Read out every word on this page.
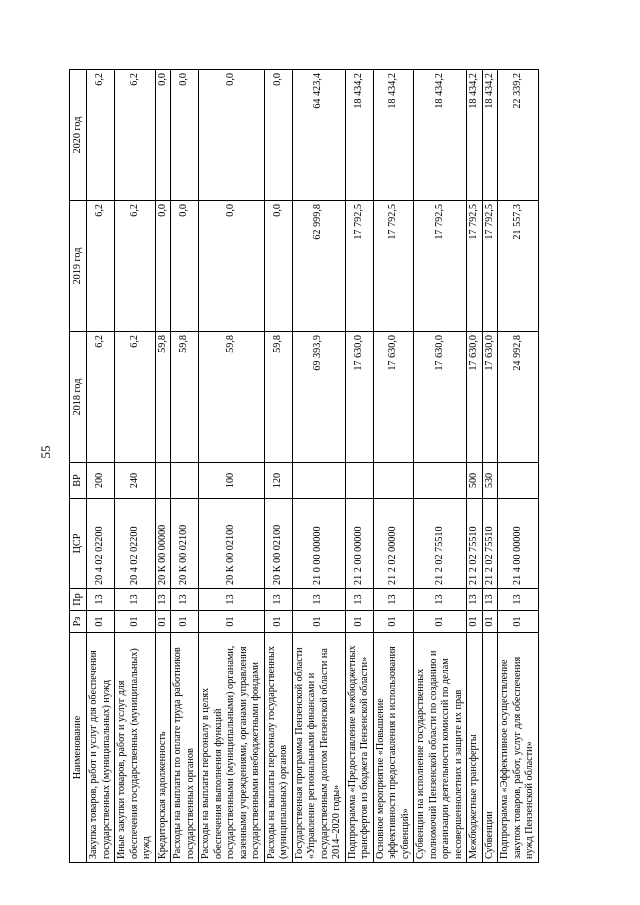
55
Наименование	Рз	Пр	ЦСР	ВР	2018 год	2019 год	2020 год
Закупка товаров, работ и услуг для обеспечения государственных (муниципальных) нужд	01	13	20 4 02 02200	200	6,2	6,2	6,2
Иные закупки товаров, работ и услуг для обеспечения государственных (муниципальных) нужд	01	13	20 4 02 02200	240	6,2	6,2	6,2
Кредиторская задолженность	01	13	20 К 00 00000		59,8	0,0	0,0
Расходы на выплаты по оплате труда работников государственных органов	01	13	20 К 00 02100		59,8	0,0	0,0
Расходы на выплаты персоналу в целях обеспечения выполнения функций государственными (муниципальными) органами, казенными учреждениями, органами управления государственными внебюджетными фондами	01	13	20 К 00 02100	100	59,8	0,0	0,0
Расходы на выплаты персоналу государственных (муниципальных) органов	01	13	20 К 00 02100	120	59,8	0,0	0,0
Государственная программа Пензенской области «Управление региональными финансами и государственным долгом Пензенской области на 2014–2020 годы»	01	13	21 0 00 00000		69 393,9	62 999,8	64 423,4
Подпрограмма «Предоставление межбюджетных трансфертов из бюджета Пензенской области»	01	13	21 2 00 00000		17 630,0	17 792,5	18 434,2
Основное мероприятие «Повышение эффективности предоставления и использования субвенций»	01	13	21 2 02 00000		17 630,0	17 792,5	18 434,2
Субвенции на исполнение государственных полномочий Пензенской области по созданию и организации деятельности комиссий по делам несовершеннолетних и защите их прав	01	13	21 2 02 75510		17 630,0	17 792,5	18 434,2
Межбюджетные трансферты	01	13	21 2 02 75510	500	17 630,0	17 792,5	18 434,2
Субвенции	01	13	21 2 02 75510	530	17 630,0	17 792,5	18 434,2
Подпрограмма «Эффективное осуществление закупок товаров, работ, услуг для обеспечения нужд Пензенской области»	01	13	21 4 00 00000		24 992,8	21 557,3	22 339,2
